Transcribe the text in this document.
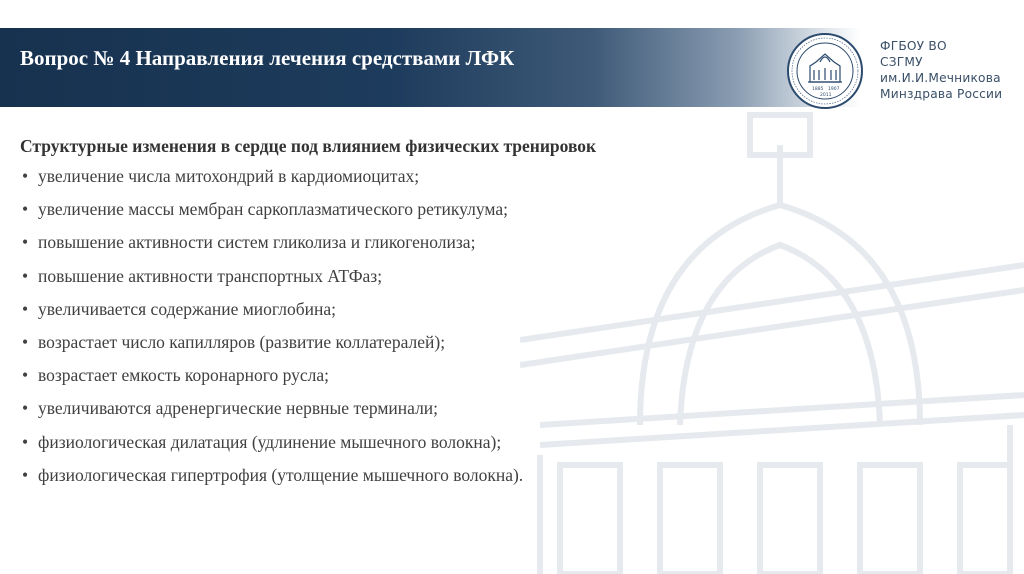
Вопрос № 4 Направления лечения средствами ЛФК
1885 1907
2011
ФГБОУ ВО
СЗГМУ
им.И.И.Мечникова
Минздрава России
Структурные изменения в сердце под влиянием физических тренировок
• увеличение числа митохондрий в кардиомиоцитах;
• увеличение массы мембран саркоплазматического ретикулума;
• повышение активности систем гликолиза и гликогенолиза;
• повышение активности транспортных АТФаз;
• увеличивается содержание миоглобина;
• возрастает число капилляров (развитие коллатералей);
• возрастает емкость коронарного русла;
• увеличиваются адренергические нервные терминали;
• физиологическая дилатация (удлинение мышечного волокна);
• физиологическая гипертрофия (утолщение мышечного волокна).
